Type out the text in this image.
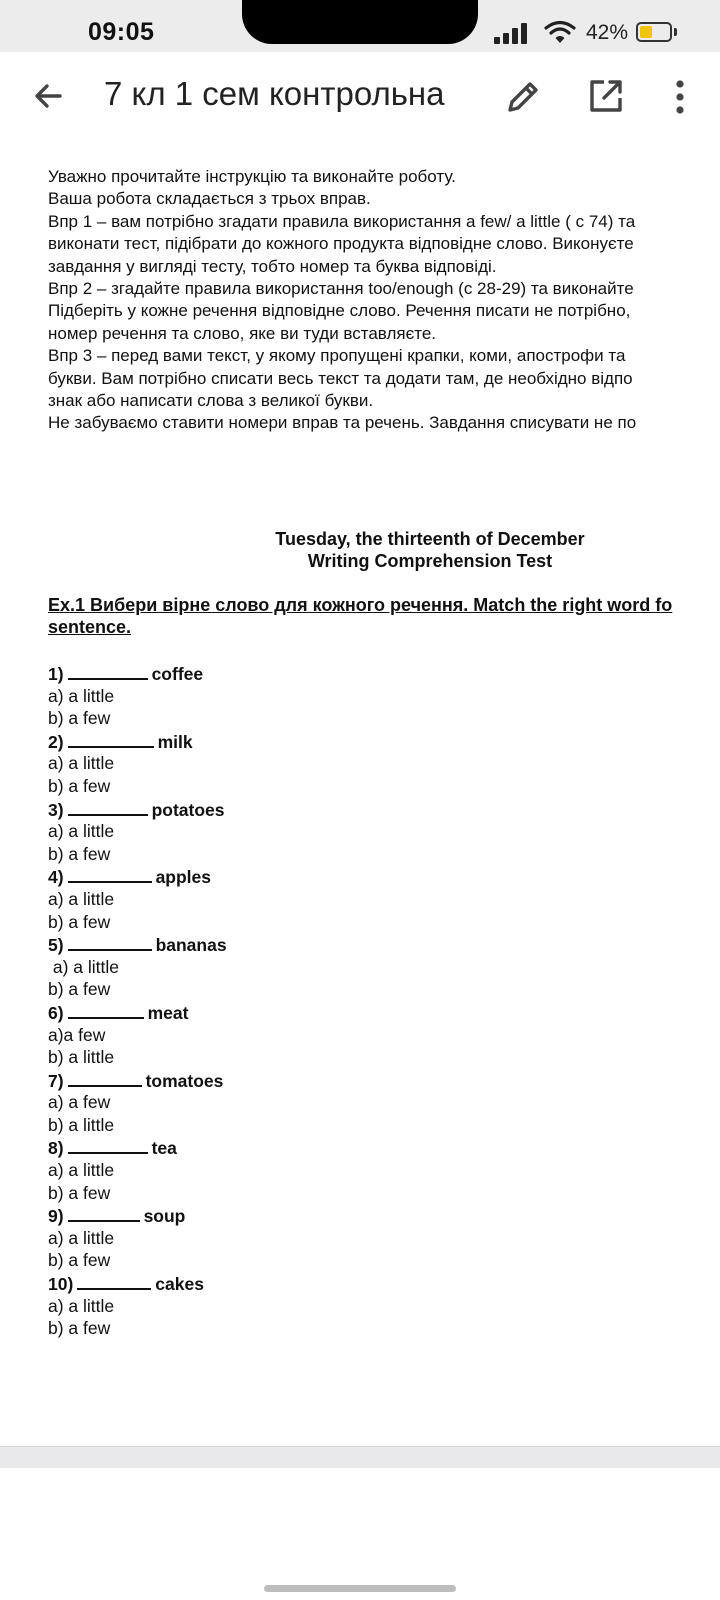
09:05	42%
7 кл 1 сем контрольна
Уважно прочитайте інструкцію та виконайте роботу.
Ваша робота складається з трьох вправ.
Впр 1 – вам потрібно згадати правила використання a few/ a little ( с 74) та
виконати тест, підібрати до кожного продукта відповідне слово. Виконуєте
завдання у вигляді тесту, тобто номер та буква відповіді.
Впр 2 – згадайте правила використання too/enough (с 28-29) та виконайте
Підберіть у кожне речення відповідне слово. Речення писати не потрібно,
номер речення та слово, яке ви туди вставляєте.
Впр 3 – перед вами текст, у якому пропущені крапки, коми, апострофи та
букви. Вам потрібно списати весь текст та додати там, де необхідно відпо
знак або написати слова з великої букви.
Не забуваємо ставити номери вправ та речень. Завдання списувати не по
Tuesday, the thirteenth of December
Writing Comprehension Test
Ex.1 Вибери вірне слово для кожного речення. Match the right word fo
sentence.
1)	coffee
a) a little
b) a few
2)	milk
a) a little
b) a few
3)	potatoes
a) a little
b) a few
4)	apples
a) a little
b) a few
5)	bananas
a) a little
b) a few
6)	meat
a)a few
b) a little
7)	tomatoes
a) a few
b) a little
8)	tea
a) a little
b) a few
9)	soup
a) a little
b) a few
10)	cakes
a) a little
b) a few
